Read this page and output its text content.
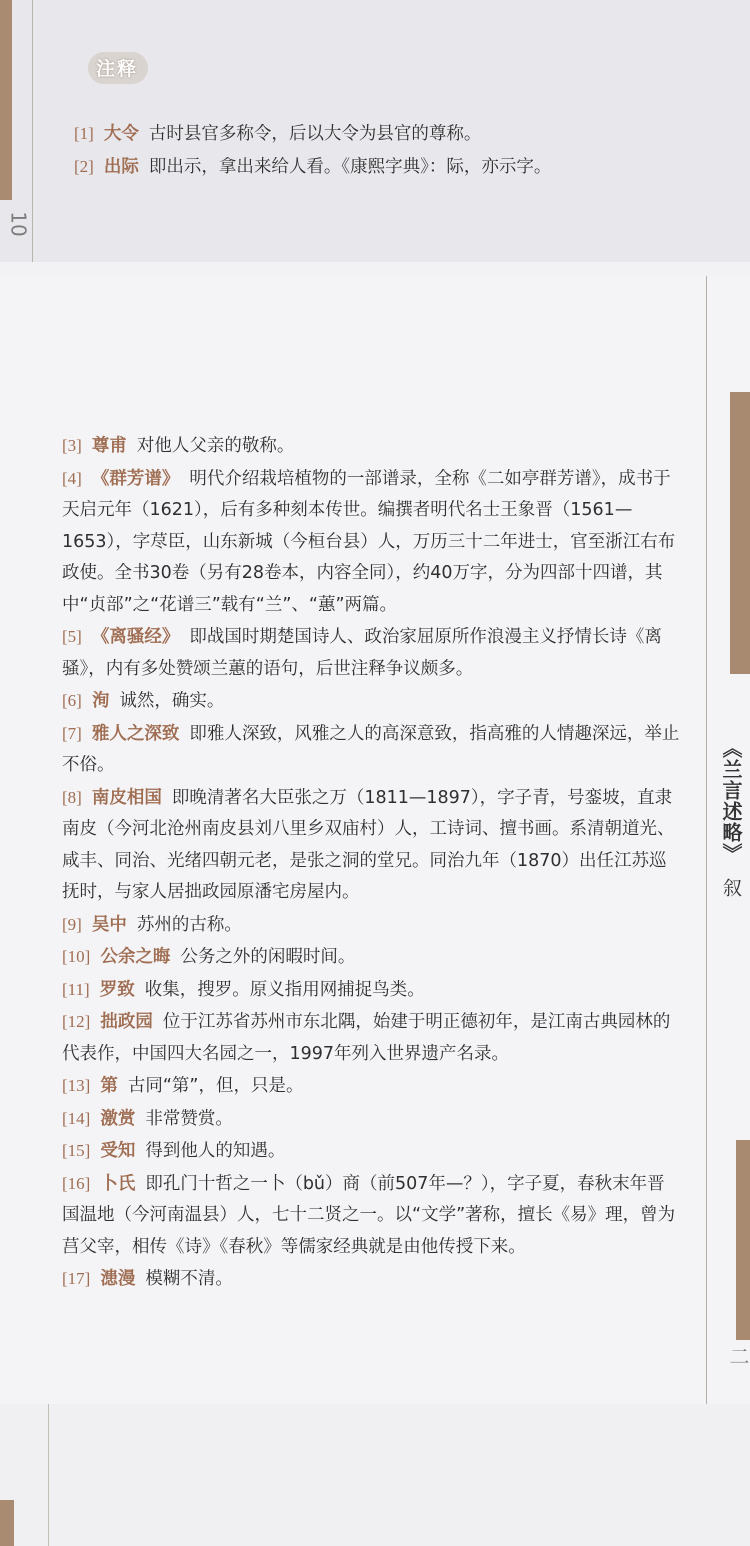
注释

[1] 大令 古时县官多称令，后以大令为县官的尊称。

[2] 出际 即出示，拿出来给人看。《康熙字典》：际，亦示字。

10
《兰言述略》 叙
二

[3] 尊甫 对他人父亲的敬称。

[4] 《群芳谱》 明代介绍栽培植物的一部谱录，全称《二如亭群芳谱》，成书于天启元年（1621），后有多种刻本传世。编撰者明代名士王象晋（1561—1653），字荩臣，山东新城（今桓台县）人，万历三十二年进士，官至浙江右布政使。全书30卷（另有28卷本，内容全同），约40万字，分为四部十四谱，其中“贞部”之“花谱三”载有“兰”、“蕙”两篇。

[5] 《离骚经》 即战国时期楚国诗人、政治家屈原所作浪漫主义抒情长诗《离骚》，内有多处赞颂兰蕙的语句，后世注释争议颇多。

[6] 洵 诚然，确实。

[7] 雅人之深致 即雅人深致，风雅之人的高深意致，指高雅的人情趣深远，举止不俗。

[8] 南皮相国 即晚清著名大臣张之万（1811—1897），字子青，号銮坡，直隶南皮（今河北沧州南皮县刘八里乡双庙村）人，工诗词、擅书画。系清朝道光、咸丰、同治、光绪四朝元老，是张之洞的堂兄。同治九年（1870）出任江苏巡抚时，与家人居拙政园原潘宅房屋内。

[9] 吴中 苏州的古称。

[10] 公余之晦 公务之外的闲暇时间。

[11] 罗致 收集，搜罗。原义指用网捕捉鸟类。

[12] 拙政园 位于江苏省苏州市东北隅，始建于明正德初年，是江南古典园林的代表作，中国四大名园之一，1997年列入世界遗产名录。

[13] 第 古同“第”，但，只是。

[14] 激赏 非常赞赏。

[15] 受知 得到他人的知遇。

[16] 卜氏 即孔门十哲之一卜（bǔ）商（前507年—？），字子夏，春秋末年晋国温地（今河南温县）人，七十二贤之一。以“文学”著称，擅长《易》理，曾为莒父宰，相传《诗》《春秋》等儒家经典就是由他传授下来。

[17] 漶漫 模糊不清。
